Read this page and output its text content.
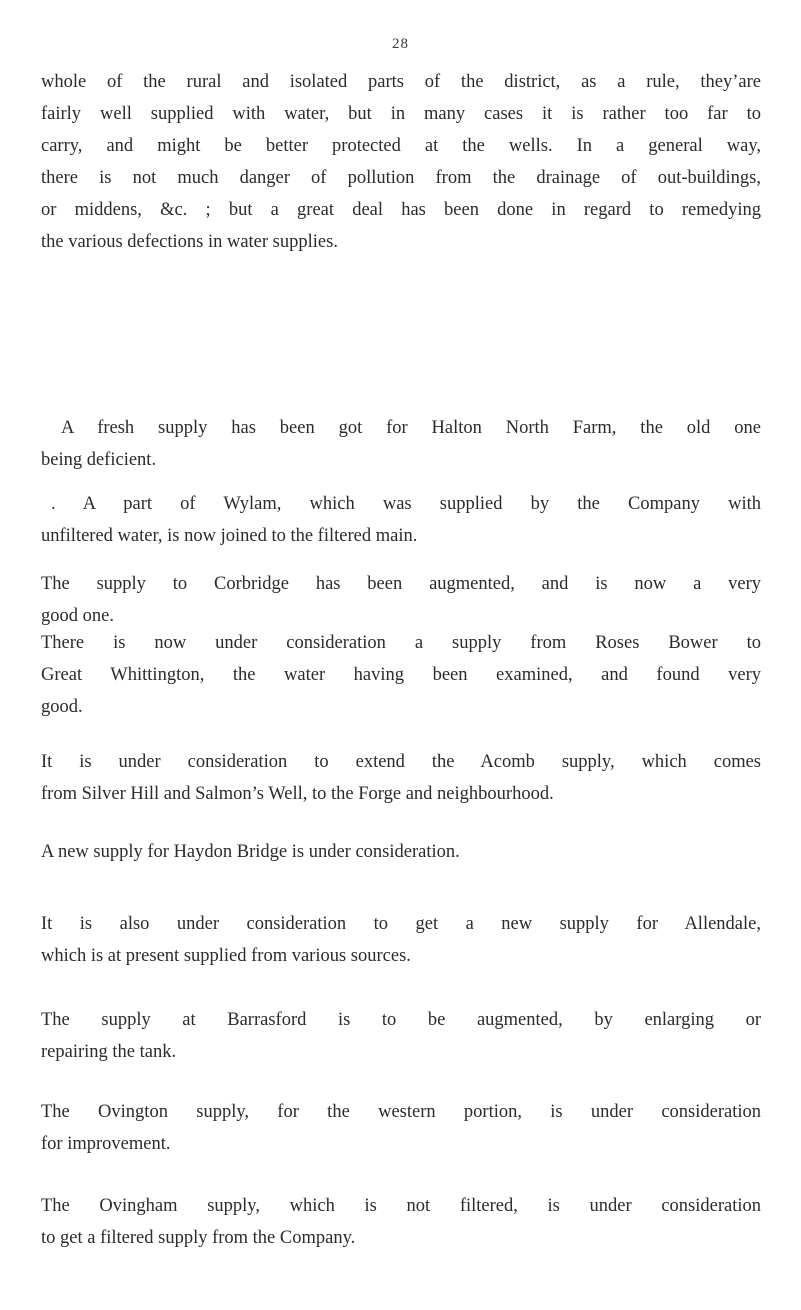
28

whole of the rural and isolated parts of the district, as a rule, they’are
fairly well supplied with water, but in many cases it is rather too far to
carry, and might be better protected at the wells. In a general way,
there is not much danger of pollution from the drainage of out-buildings,
or middens, &c. ; but a great deal has been done in regard to remedying
the various defections in water supplies.

A fresh supply has been got for Halton North Farm, the old one
being deficient.

. A part of Wylam, which was supplied by the Company with
unfiltered water, is now joined to the filtered main.

The supply to Corbridge has been augmented, and is now a very
good one.

There is now under consideration a supply from Roses Bower to
Great Whittington, the water having been examined, and found very
good.

It is under consideration to extend the Acomb supply, which comes
from Silver Hill and Salmon’s Well, to the Forge and neighbourhood.

A new supply for Haydon Bridge is under consideration.

It is also under consideration to get a new supply for Allendale,
which is at present supplied from various sources.

The supply at Barrasford is to be augmented, by enlarging or
repairing the tank.

The Ovington supply, for the western portion, is under consideration
for improvement.

The Ovingham supply, which is not filtered, is under consideration
to get a filtered supply from the Company.
